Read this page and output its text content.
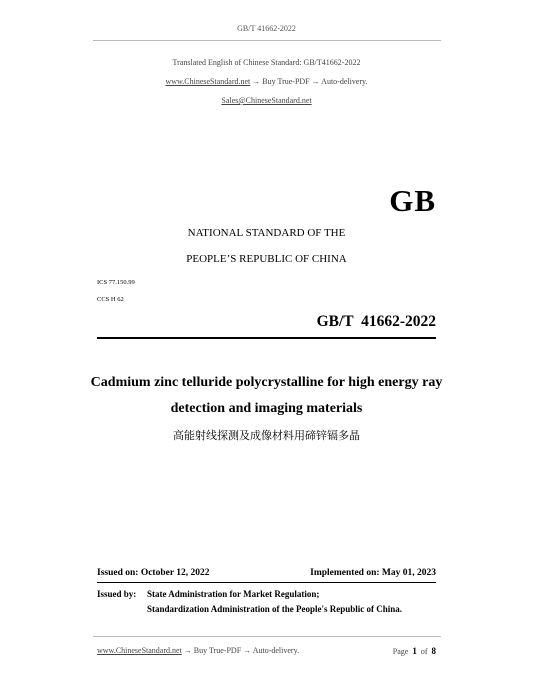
GB/T 41662-2022
Translated English of Chinese Standard: GB/T41662-2022
www.ChineseStandard.net → Buy True-PDF → Auto-delivery.
Sales@ChineseStandard.net
GB
NATIONAL STANDARD OF THE
PEOPLE’S REPUBLIC OF CHINA
ICS 77.150.99
CCS H 62
GB/T  41662-2022
Cadmium zinc telluride polycrystalline for high energy ray
detection and imaging materials
高能射线探测及成像材料用碲锌镉多晶
Issued on: October 12, 2022	Implemented on: May 01, 2023
Issued by: State Administration for Market Regulation;
Standardization Administration of the People's Republic of China.
www.ChineseStandard.net → Buy True-PDF → Auto-delivery.	Page 1 of 8
